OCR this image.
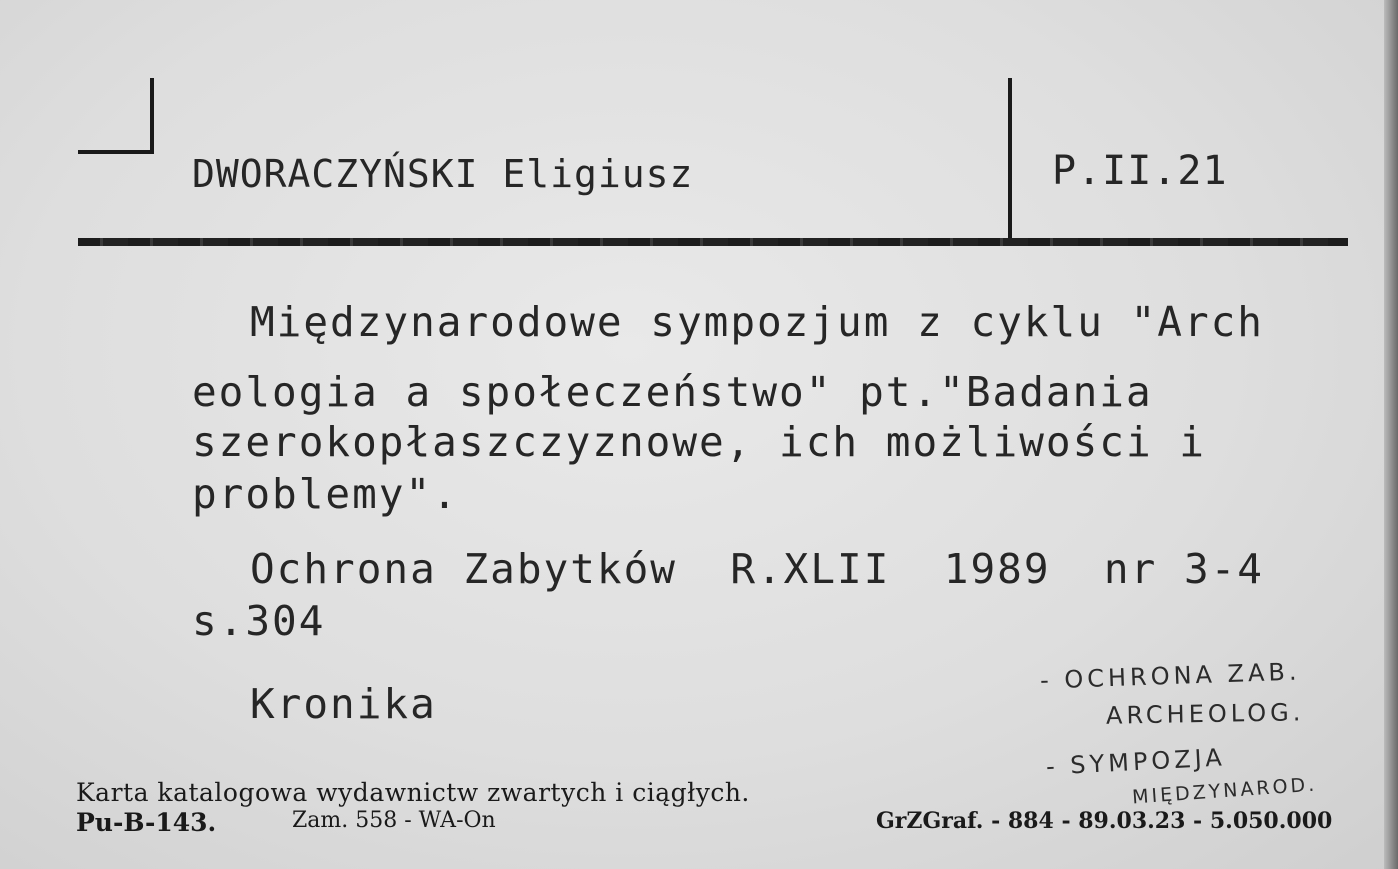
DWORACZYŃSKI Eligiusz	P.II.21
Międzynarodowe sympozjum z cyklu "Arch
eologia a społeczeństwo" pt."Badania
szerokopłaszczyznowe, ich możliwości i
problemy".
Ochrona Zabytków  R.XLII  1989  nr 3-4
s.304
Kronika
- OCHRONA ZAB.
ARCHEOLOG.
- SYMPOZJA
MIĘDZYNAROD.
Karta katalogowa wydawnictw zwartych i ciągłych.
Pu-B-143.	Zam. 558 - WA-On	GrZGraf. - 884 - 89.03.23 - 5.050.000
